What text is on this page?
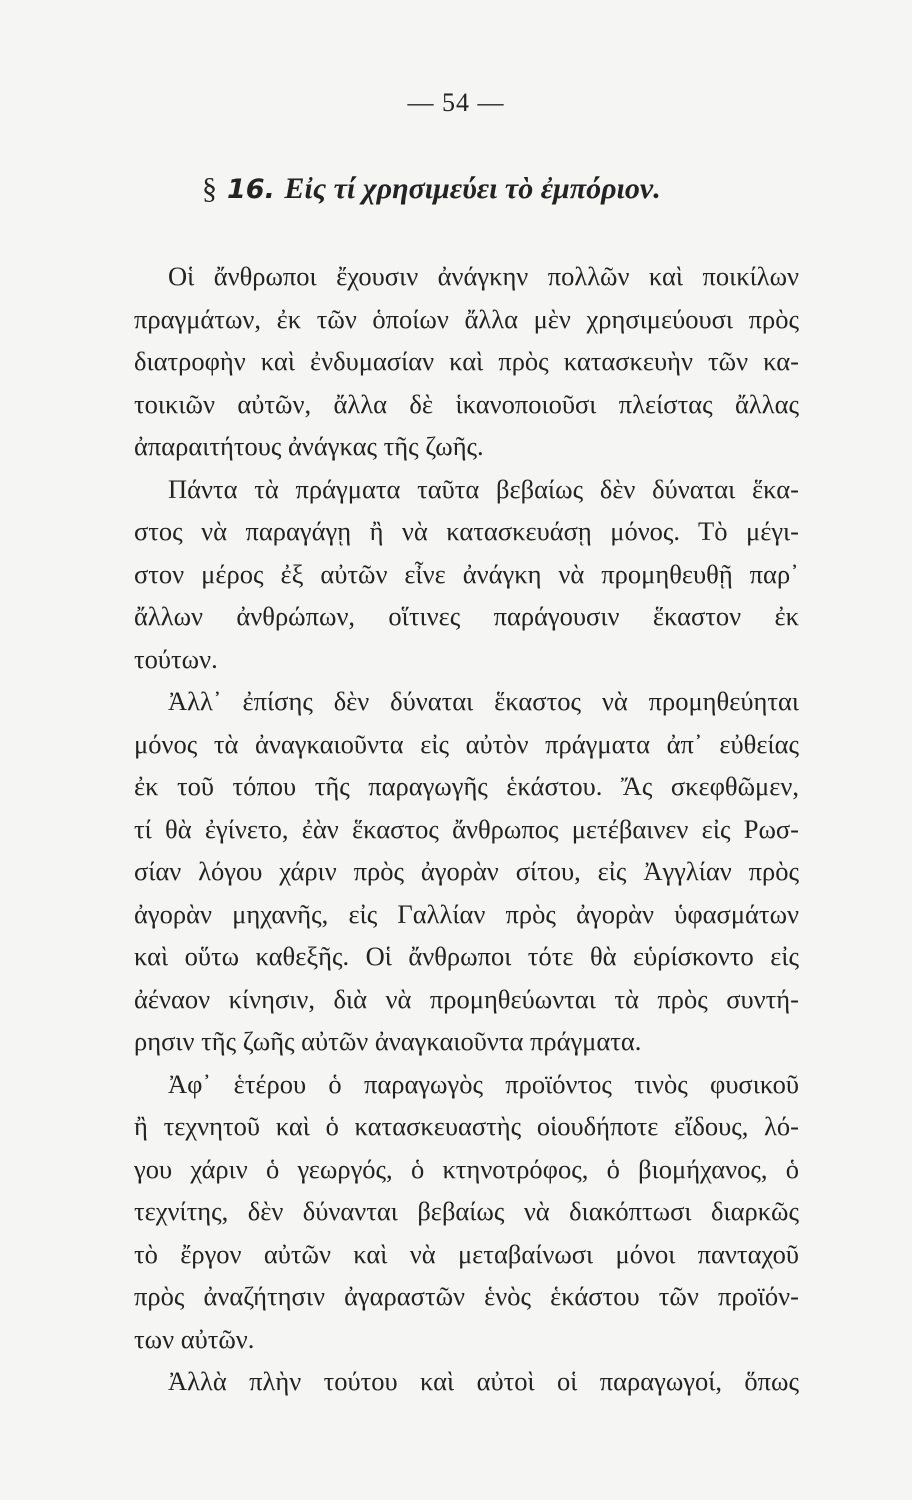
— 54 —
§ 16. Εἰς τί χρησιμεύει τὸ ἐμπόριον.
Οἱ ἄνθρωποι ἔχουσιν ἀνάγκην πολλῶν καὶ ποικίλων
πραγμάτων, ἐκ τῶν ὁποίων ἄλλα μὲν χρησιμεύουσι πρὸς
διατροφὴν καὶ ἐνδυμασίαν καὶ πρὸς κατασκευὴν τῶν κα-
τοικιῶν αὐτῶν, ἄλλα δὲ ἱκανοποιοῦσι πλείστας ἄλλας
ἀπαραιτήτους ἀνάγκας τῆς ζωῆς.
Πάντα τὰ πράγματα ταῦτα βεβαίως δὲν δύναται ἕκα-
στος νὰ παραγάγῃ ἢ νὰ κατασκευάσῃ μόνος. Τὸ μέγι-
στον μέρος ἐξ αὐτῶν εἶνε ἀνάγκη νὰ προμηθευθῇ παρ᾽
ἄλλων ἀνθρώπων, οἵτινες παράγουσιν ἕκαστον ἐκ
τούτων.
Ἀλλ᾽ ἐπίσης δὲν δύναται ἕκαστος νὰ προμηθεύηται
μόνος τὰ ἀναγκαιοῦντα εἰς αὐτὸν πράγματα ἀπ᾽ εὐθείας
ἐκ τοῦ τόπου τῆς παραγωγῆς ἑκάστου. Ἄς σκεφθῶμεν,
τί θὰ ἐγίνετο, ἐὰν ἕκαστος ἄνθρωπος μετέβαινεν εἰς Ρωσ-
σίαν λόγου χάριν πρὸς ἀγορὰν σίτου, εἰς Ἀγγλίαν πρὸς
ἀγορὰν μηχανῆς, εἰς Γαλλίαν πρὸς ἀγορὰν ὑφασμάτων
καὶ οὕτω καθεξῆς. Οἱ ἄνθρωποι τότε θὰ εὑρίσκοντο εἰς
ἀέναον κίνησιν, διὰ νὰ προμηθεύωνται τὰ πρὸς συντή-
ρησιν τῆς ζωῆς αὐτῶν ἀναγκαιοῦντα πράγματα.
Ἀφ᾽ ἑτέρου ὁ παραγωγὸς προϊόντος τινὸς φυσικοῦ
ἢ τεχνητοῦ καὶ ὁ κατασκευαστὴς οἱουδήποτε εἴδους, λό-
γου χάριν ὁ γεωργός, ὁ κτηνοτρόφος, ὁ βιομήχανος, ὁ
τεχνίτης, δὲν δύνανται βεβαίως νὰ διακόπτωσι διαρκῶς
τὸ ἔργον αὐτῶν καὶ νὰ μεταβαίνωσι μόνοι πανταχοῦ
πρὸς ἀναζήτησιν ἀγαραστῶν ἑνὸς ἑκάστου τῶν προϊόν-
των αὐτῶν.
Ἀλλὰ πλὴν τούτου καὶ αὐτοὶ οἱ παραγωγοί, ὅπως
